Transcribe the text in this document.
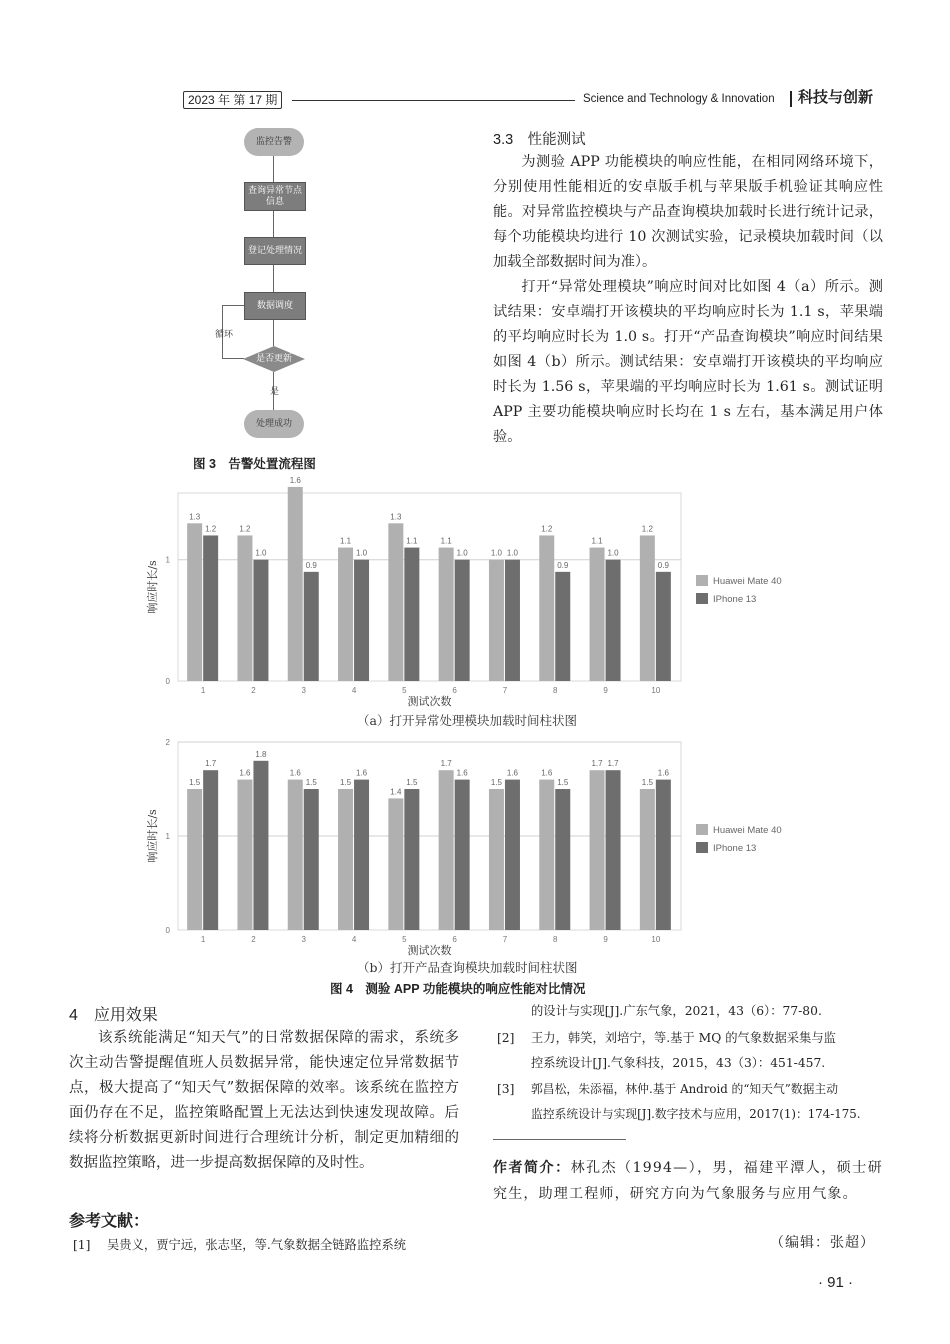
2023 年 第 17 期	Science and Technology & Innovation 科技与创新
监控告警
查询异常节点信息
登记处理情况
数据调度
是否更新
处理成功
循环
是
图 3　告警处置流程图
3.3　性能测试

为测验 APP 功能模块的响应性能，在相同网络环境下，分别使用性能相近的安卓版手机与苹果版手机验证其响应性能。对异常监控模块与产品查询模块加载时长进行统计记录，每个功能模块均进行 10 次测试实验，记录模块加载时间（以加载全部数据时间为准）。

打开“异常处理模块”响应时间对比如图 4（a）所示。测试结果：安卓端打开该模块的平均响应时长为 1.1 s，苹果端的平均响应时长为 1.0 s。打开“产品查询模块”响应时间结果如图 4（b）所示。测试结果：安卓端打开该模块的平均响应时长为 1.56 s，苹果端的平均响应时长为 1.61 s。测试证明 APP 主要功能模块响应时长均在 1 s 左右，基本满足用户体验。

0
1
1.3
1.2
1
1.2
1.0
2
1.6
0.9
3
1.1
1.0
4
1.3
1.1
5
1.1
1.0
6
1.0 1.0
7
1.2
0.9
8
1.1
1.0
9
1.2
0.9
10
测试次数
响应时长/s	Huawei Mate 40
IPhone 13
（a）打开异常处理模块加载时间柱状图
0
1
2
1.5
1.7
1
1.6
1.8
2
1.6
1.5
3
1.5
1.6
4
1.4
1.5
5
1.7
1.6
6
1.5
1.6
7
1.6
1.5
8
1.7 1.7
9
1.5
1.6
10
测试次数
响应时长/s	Huawei Mate 40
IPhone 13
（b）打开产品查询模块加载时间柱状图
图 4　测验 APP 功能模块的响应性能对比情况
4　应用效果

该系统能满足“知天气”的日常数据保障的需求，系统多次主动告警提醒值班人员数据异常，能快速定位异常数据节点，极大提高了“知天气”数据保障的效率。该系统在监控方面仍存在不足，监控策略配置上无法达到快速发现故障。后续将分析数据更新时间进行合理统计分析，制定更加精细的数据监控策略，进一步提高数据保障的及时性。

参考文献：
[1] 吴贵义，贾宁远，张志坚，等.气象数据全链路监控系统
的设计与实现[J].广东气象，2021，43（6）：77-80.
[2] 王力，韩笑，刘培宁，等.基于 MQ 的气象数据采集与监
控系统设计[J].气象科技，2015，43（3）：451-457.
[3] 郭昌松，朱添福，林仲.基于 Android 的“知天气”数据主动
监控系统设计与实现[J].数字技术与应用，2017(1)：174-175.
作者简介：林孔杰（1994—），男，福建平潭人，硕士研究生，助理工程师，研究方向为气象服务与应用气象。
（编辑：张超）
· 91 ·
